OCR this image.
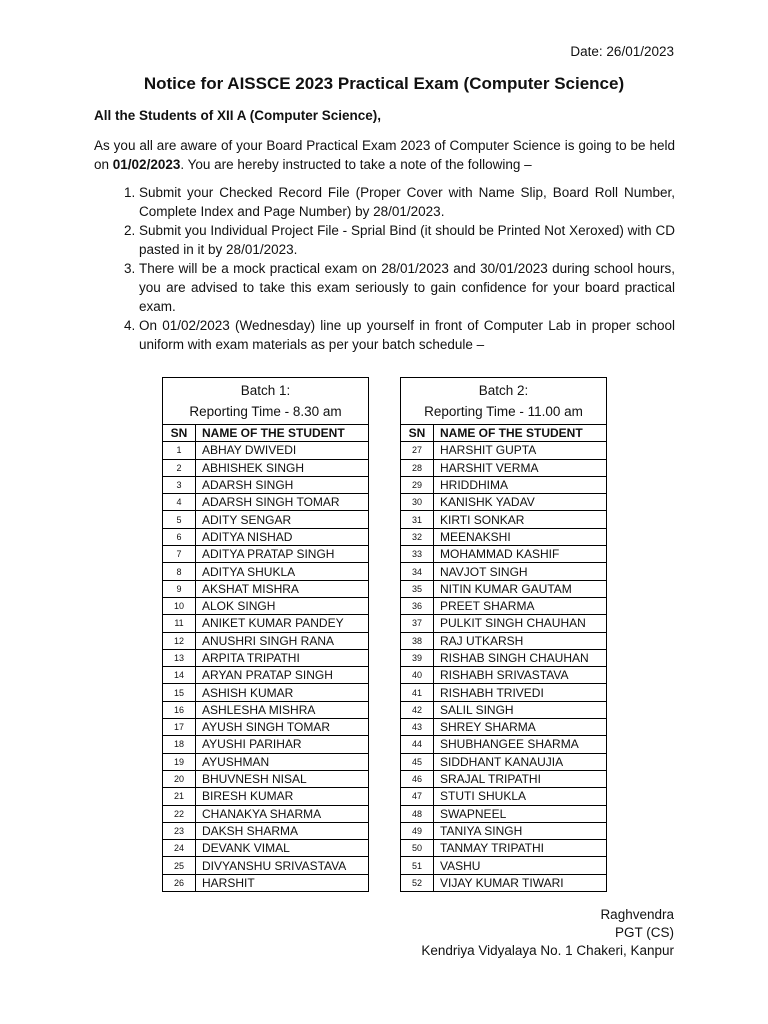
Date: 26/01/2023
Notice for AISSCE 2023 Practical Exam (Computer Science)
All the Students of XII A (Computer Science),
As you all are aware of your Board Practical Exam 2023 of Computer Science is going to be held on 01/02/2023. You are hereby instructed to take a note of the following –
1. Submit your Checked Record File (Proper Cover with Name Slip, Board Roll Number, Complete Index and Page Number) by 28/01/2023.
2. Submit you Individual Project File - Sprial Bind (it should be Printed Not Xeroxed) with CD pasted in it by 28/01/2023.
3. There will be a mock practical exam on 28/01/2023 and 30/01/2023 during school hours, you are advised to take this exam seriously to gain confidence for your board practical exam.
4. On 01/02/2023 (Wednesday) line up yourself in front of Computer Lab in proper school uniform with exam materials as per your batch schedule –
Batch 1:
Reporting Time - 8.30 am
SN	NAME OF THE STUDENT
1	ABHAY DWIVEDI
2	ABHISHEK SINGH
3	ADARSH SINGH
4	ADARSH SINGH TOMAR
5	ADITY SENGAR
6	ADITYA NISHAD
7	ADITYA PRATAP SINGH
8	ADITYA SHUKLA
9	AKSHAT MISHRA
10	ALOK SINGH
11	ANIKET KUMAR PANDEY
12	ANUSHRI SINGH RANA
13	ARPITA TRIPATHI
14	ARYAN PRATAP SINGH
15	ASHISH KUMAR
16	ASHLESHA MISHRA
17	AYUSH SINGH TOMAR
18	AYUSHI PARIHAR
19	AYUSHMAN
20	BHUVNESH NISAL
21	BIRESH KUMAR
22	CHANAKYA SHARMA
23	DAKSH SHARMA
24	DEVANK VIMAL
25	DIVYANSHU SRIVASTAVA
26	HARSHIT
Batch 2:
Reporting Time - 11.00 am
SN	NAME OF THE STUDENT
27	HARSHIT GUPTA
28	HARSHIT VERMA
29	HRIDDHIMA
30	KANISHK YADAV
31	KIRTI SONKAR
32	MEENAKSHI
33	MOHAMMAD KASHIF
34	NAVJOT SINGH
35	NITIN KUMAR GAUTAM
36	PREET SHARMA
37	PULKIT SINGH CHAUHAN
38	RAJ UTKARSH
39	RISHAB SINGH CHAUHAN
40	RISHABH SRIVASTAVA
41	RISHABH TRIVEDI
42	SALIL SINGH
43	SHREY SHARMA
44	SHUBHANGEE SHARMA
45	SIDDHANT KANAUJIA
46	SRAJAL TRIPATHI
47	STUTI SHUKLA
48	SWAPNEEL
49	TANIYA SINGH
50	TANMAY TRIPATHI
51	VASHU
52	VIJAY KUMAR TIWARI
Raghvendra
PGT (CS)
Kendriya Vidyalaya No. 1 Chakeri, Kanpur
